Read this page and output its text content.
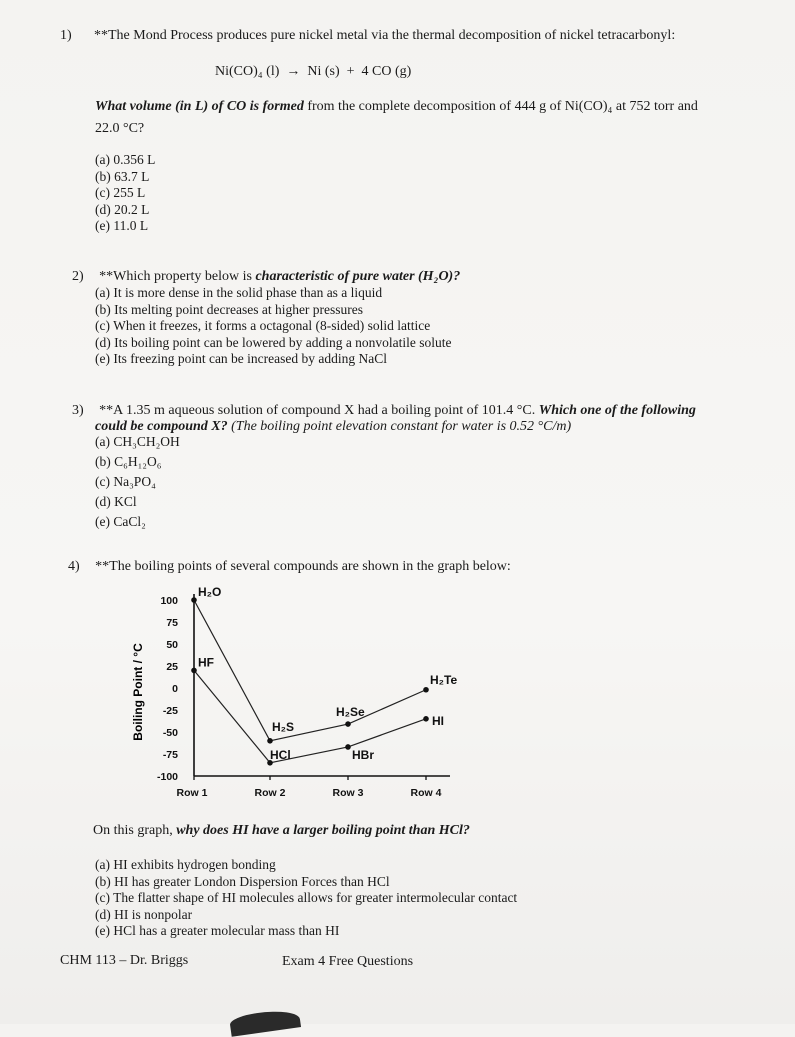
1) **The Mond Process produces pure nickel metal via the thermal decomposition of nickel tetracarbonyl:
Ni(CO)₄ (l)  →  Ni (s)  +  4 CO (g)
What volume (in L) of CO is formed from the complete decomposition of 444 g of Ni(CO)₄ at 752 torr and
22.0 °C?
(a) 0.356 L
(b) 63.7 L
(c) 255 L
(d) 20.2 L
(e) 11.0 L
2) **Which property below is characteristic of pure water (H₂O)?
(a) It is more dense in the solid phase than as a liquid
(b) Its melting point decreases at higher pressures
(c) When it freezes, it forms a octagonal (8-sided) solid lattice
(d) Its boiling point can be lowered by adding a nonvolatile solute
(e) Its freezing point can be increased by adding NaCl
3) **A 1.35 m aqueous solution of compound X had a boiling point of 101.4 °C. Which one of the following
could be compound X? (The boiling point elevation constant for water is 0.52 °C/m)
(a) CH₃CH₂OH
(b) C₆H₁₂O₆
(c) Na₃PO₄
(d) KCl
(e) CaCl₂
4) **The boiling points of several compounds are shown in the graph below:
100
75
50
25
0
-25
-50
-75
-100
H₂O
H₂S
H₂Se
H₂Te
HF
HCl	HBr
HI
Row 1	Row 2	Row 3	Row 4
Boiling Point / °C
On this graph, why does HI have a larger boiling point than HCl?
(a) HI exhibits hydrogen bonding
(b) HI has greater London Dispersion Forces than HCl
(c) The flatter shape of HI molecules allows for greater intermolecular contact
(d) HI is nonpolar
(e) HCl has a greater molecular mass than HI
CHM 113 – Dr. Briggs	Exam 4 Free Questions
